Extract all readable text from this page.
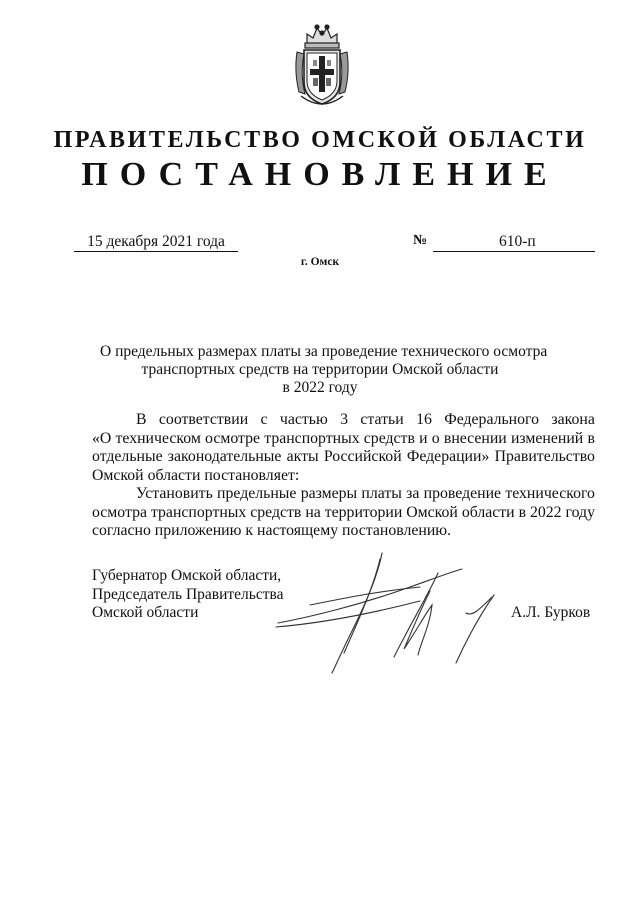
ПРАВИТЕЛЬСТВО ОМСКОЙ ОБЛАСТИ
ПОСТАНОВЛЕНИЕ
15 декабря 2021 года	№	610-п

г. Омск
О предельных размерах платы за проведение технического осмотра
транспортных средств на территории Омской области
в 2022 году
В соответствии с частью 3 статьи 16 Федерального закона
«О техническом осмотре транспортных средств и о внесении изменений в
отдельные законодательные акты Российской Федерации» Правительство
Омской области постановляет:
Установить предельные размеры платы за проведение технического
осмотра транспортных средств на территории Омской области в 2022 году
согласно приложению к настоящему постановлению.
Губернатор Омской области,
Председатель Правительства
Омской области	А.Л. Бурков
